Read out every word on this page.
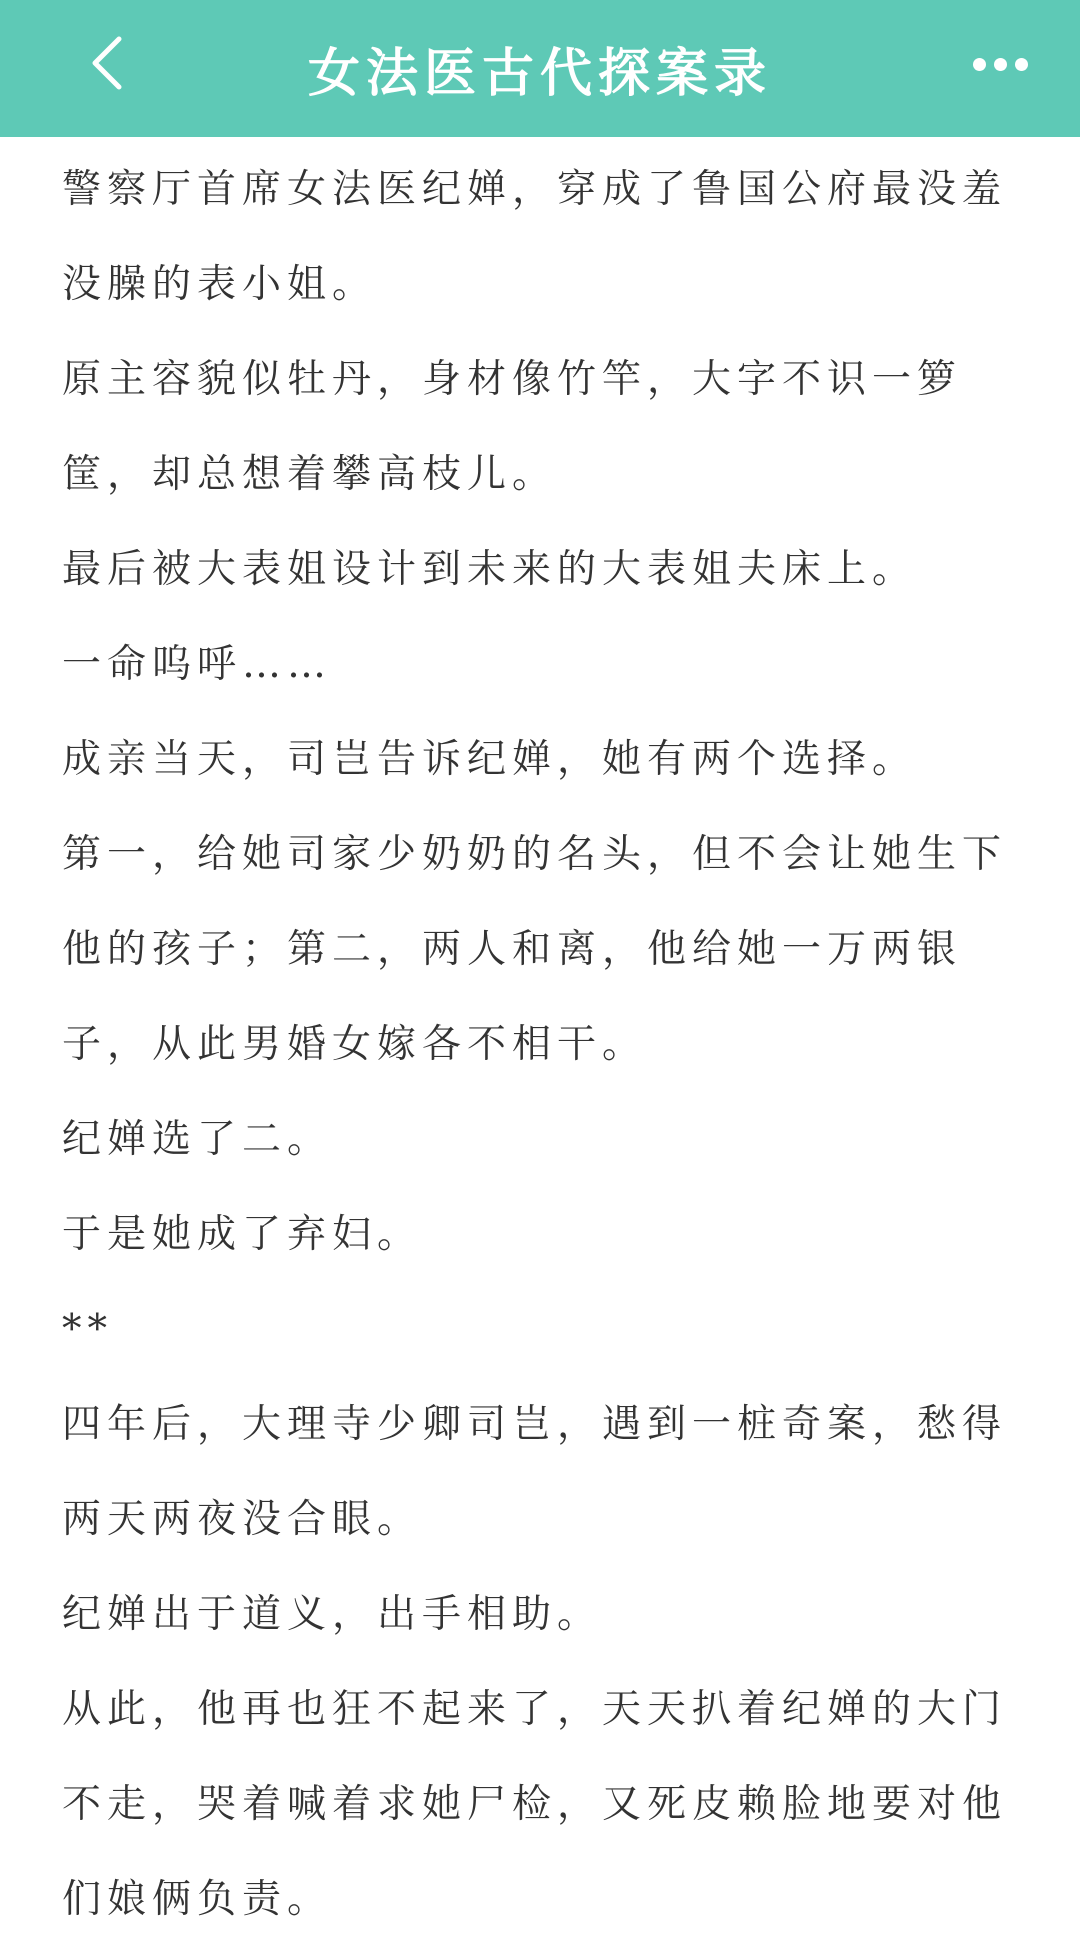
女法医古代探案录

警察厅首席女法医纪婵，穿成了鲁国公府最没羞没臊的表小姐。

原主容貌似牡丹，身材像竹竿，大字不识一箩筐，却总想着攀高枝儿。

最后被大表姐设计到未来的大表姐夫床上。

一命呜呼……

成亲当天，司岂告诉纪婵，她有两个选择。

第一，给她司家少奶奶的名头，但不会让她生下他的孩子；第二，两人和离，他给她一万两银子，从此男婚女嫁各不相干。

纪婵选了二。

于是她成了弃妇。

**

四年后，大理寺少卿司岂，遇到一桩奇案，愁得两天两夜没合眼。

纪婵出于道义，出手相助。

从此，他再也狂不起来了，天天扒着纪婵的大门不走，哭着喊着求她尸检，又死皮赖脸地要对他们娘俩负责。
